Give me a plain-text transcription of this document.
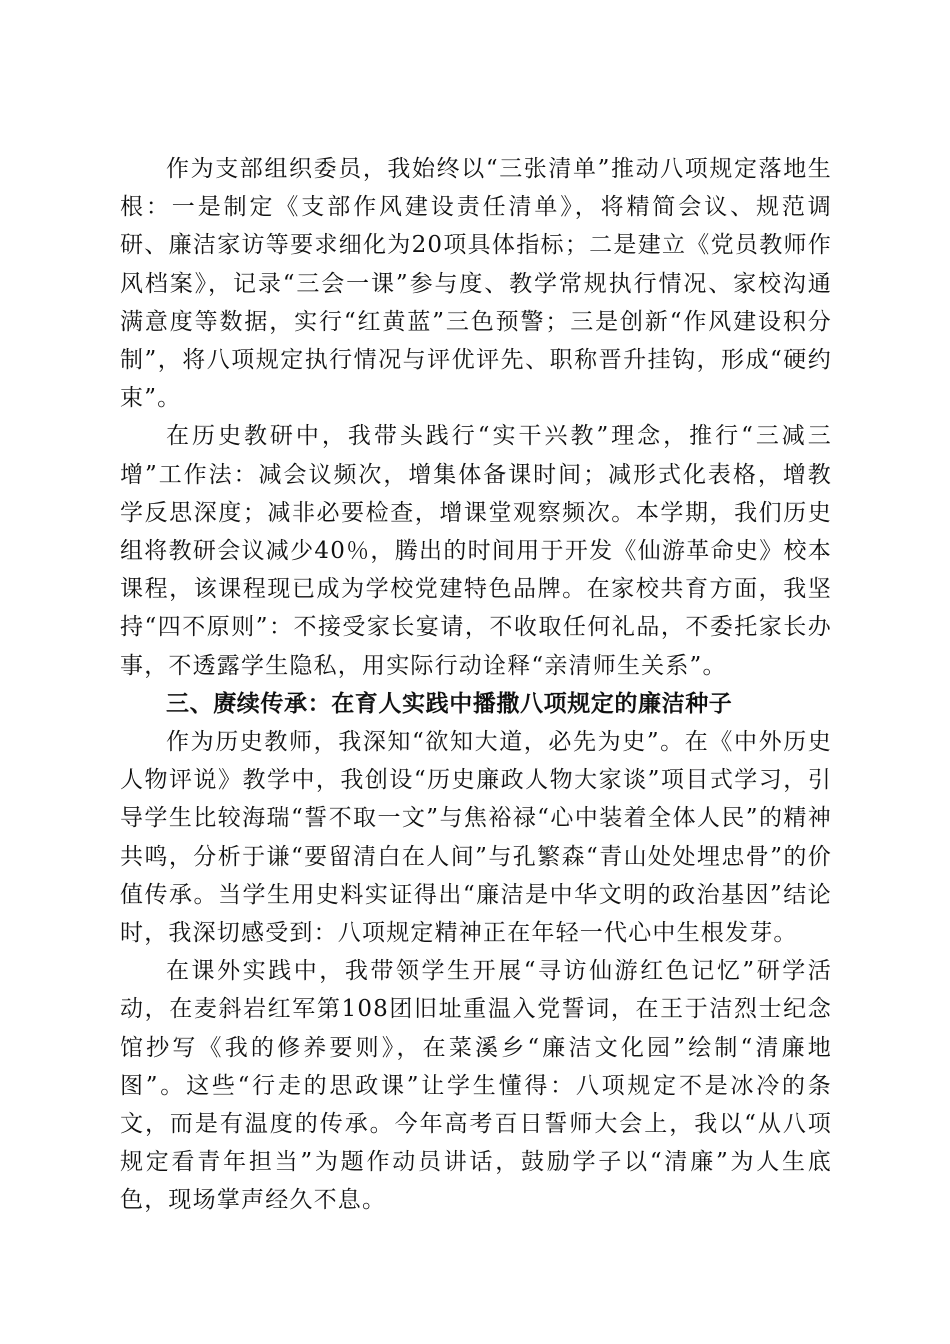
作为支部组织委员，我始终以“三张清单”推动八项规定落地生根：一是制定《支部作风建设责任清单》，将精简会议、规范调研、廉洁家访等要求细化为20项具体指标；二是建立《党员教师作风档案》，记录“三会一课”参与度、教学常规执行情况、家校沟通满意度等数据，实行“红黄蓝”三色预警；三是创新“作风建设积分制”，将八项规定执行情况与评优评先、职称晋升挂钩，形成“硬约束”。

在历史教研中，我带头践行“实干兴教”理念，推行“三减三增”工作法：减会议频次，增集体备课时间；减形式化表格，增教学反思深度；减非必要检查，增课堂观察频次。本学期，我们历史组将教研会议减少40％，腾出的时间用于开发《仙游革命史》校本课程，该课程现已成为学校党建特色品牌。在家校共育方面，我坚持“四不原则”：不接受家长宴请，不收取任何礼品，不委托家长办事，不透露学生隐私，用实际行动诠释“亲清师生关系”。

三、赓续传承：在育人实践中播撒八项规定的廉洁种子

作为历史教师，我深知“欲知大道，必先为史”。在《中外历史人物评说》教学中，我创设“历史廉政人物大家谈”项目式学习，引导学生比较海瑞“誓不取一文”与焦裕禄“心中装着全体人民”的精神共鸣，分析于谦“要留清白在人间”与孔繁森“青山处处埋忠骨”的价值传承。当学生用史料实证得出“廉洁是中华文明的政治基因”结论时，我深切感受到：八项规定精神正在年轻一代心中生根发芽。

在课外实践中，我带领学生开展“寻访仙游红色记忆”研学活动，在麦斜岩红军第108团旧址重温入党誓词，在王于洁烈士纪念馆抄写《我的修养要则》，在菜溪乡“廉洁文化园”绘制“清廉地图”。这些“行走的思政课”让学生懂得：八项规定不是冰冷的条文，而是有温度的传承。今年高考百日誓师大会上，我以“从八项规定看青年担当”为题作动员讲话，鼓励学子以“清廉”为人生底色，现场掌声经久不息。
